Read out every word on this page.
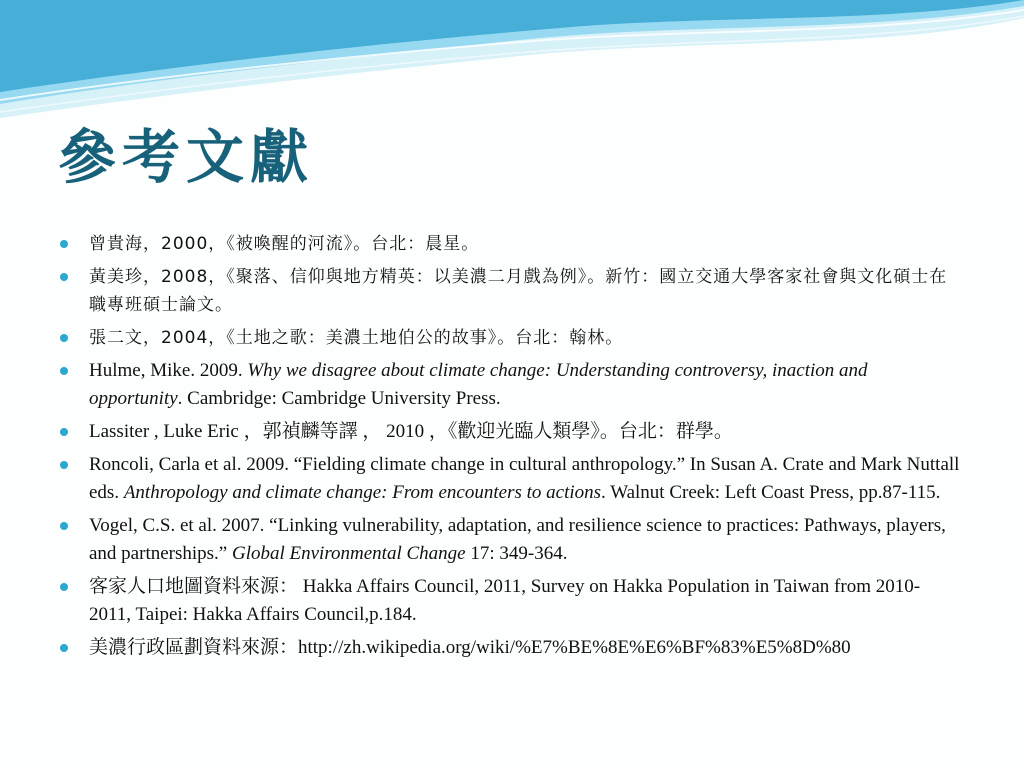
參考文獻
曾貴海，2000，《被喚醒的河流》。台北：晨星。
黃美珍，2008，《聚落、信仰與地方精英：以美濃二月戲為例》。新竹：國立交通大學客家社會與文化碩士在職專班碩士論文。
張二文，2004，《土地之歌：美濃土地伯公的故事》。台北：翰林。
Hulme, Mike. 2009. Why we disagree about climate change: Understanding controversy, inaction and opportunity. Cambridge: Cambridge University Press.
Lassiter , Luke Eric ，郭禎麟等譯 ， 2010 ，《歡迎光臨人類學》。台北：群學。
Roncoli, Carla et al. 2009. “Fielding climate change in cultural anthropology.” In Susan A. Crate and Mark Nuttall eds. Anthropology and climate change: From encounters to actions. Walnut Creek: Left Coast Press, pp.87-115.
Vogel, C.S. et al. 2007. “Linking vulnerability, adaptation, and resilience science to practices: Pathways, players, and partnerships.” Global Environmental Change 17: 349-364.
客家人口地圖資料來源： Hakka Affairs Council, 2011, Survey on Hakka Population in Taiwan from 2010-2011, Taipei: Hakka Affairs Council,p.184.
美濃行政區劃資料來源：http://zh.wikipedia.org/wiki/%E7%BE%8E%E6%BF%83%E5%8D%80
